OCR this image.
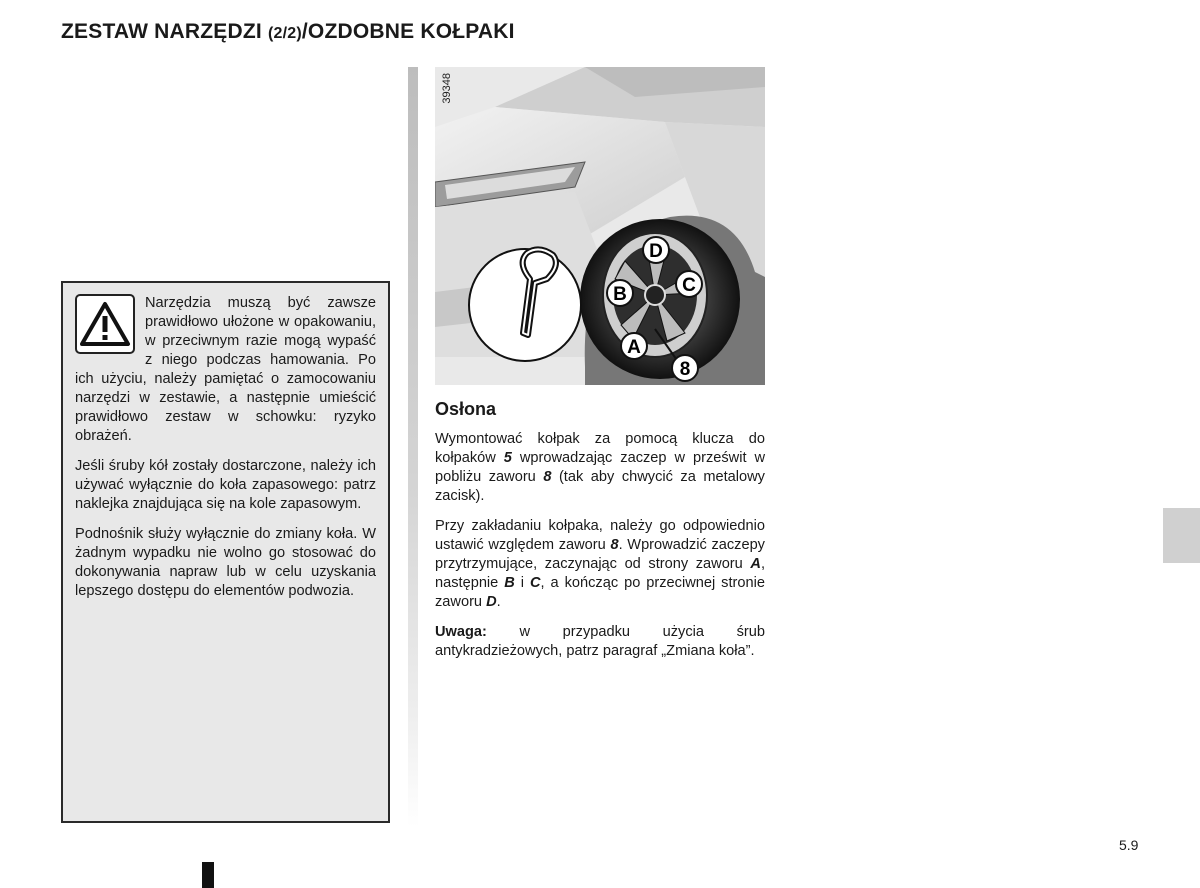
ZESTAW NARZĘDZI (2/2)/OZDOBNE KOŁPAKI

Narzędzia muszą być zawsze prawidłowo ułożone w opakowaniu, w przeciwnym razie mogą wypaść z niego podczas hamowania. Po ich użyciu, należy pamiętać o zamocowaniu narzędzi w zestawie, a następnie umieścić prawidłowo zestaw w schowku: ryzyko obrażeń.

Jeśli śruby kół zostały dostarczone, należy ich używać wyłącznie do koła zapasowego: patrz naklejka znajdująca się na kole zapasowym.

Podnośnik służy wyłącznie do zmiany koła. W żadnym wypadku nie wolno go stosować do dokonywania napraw lub w celu uzyskania lepszego dostępu do elementów podwozia.

D
B	C
A
8
39348
Osłona

Wymontować kołpak za pomocą klucza do kołpaków 5 wprowadzając zaczep w prześwit w pobliżu zaworu 8 (tak aby chwycić za metalowy zacisk).

Przy zakładaniu kołpaka, należy go odpowiednio ustawić względem zaworu 8. Wprowadzić zaczepy przytrzymujące, zaczynając od strony zaworu A, następnie B i C, a kończąc po przeciwnej stronie zaworu D.

Uwaga: w przypadku użycia śrub antykradzieżowych, patrz paragraf „Zmiana koła”.

5.9
